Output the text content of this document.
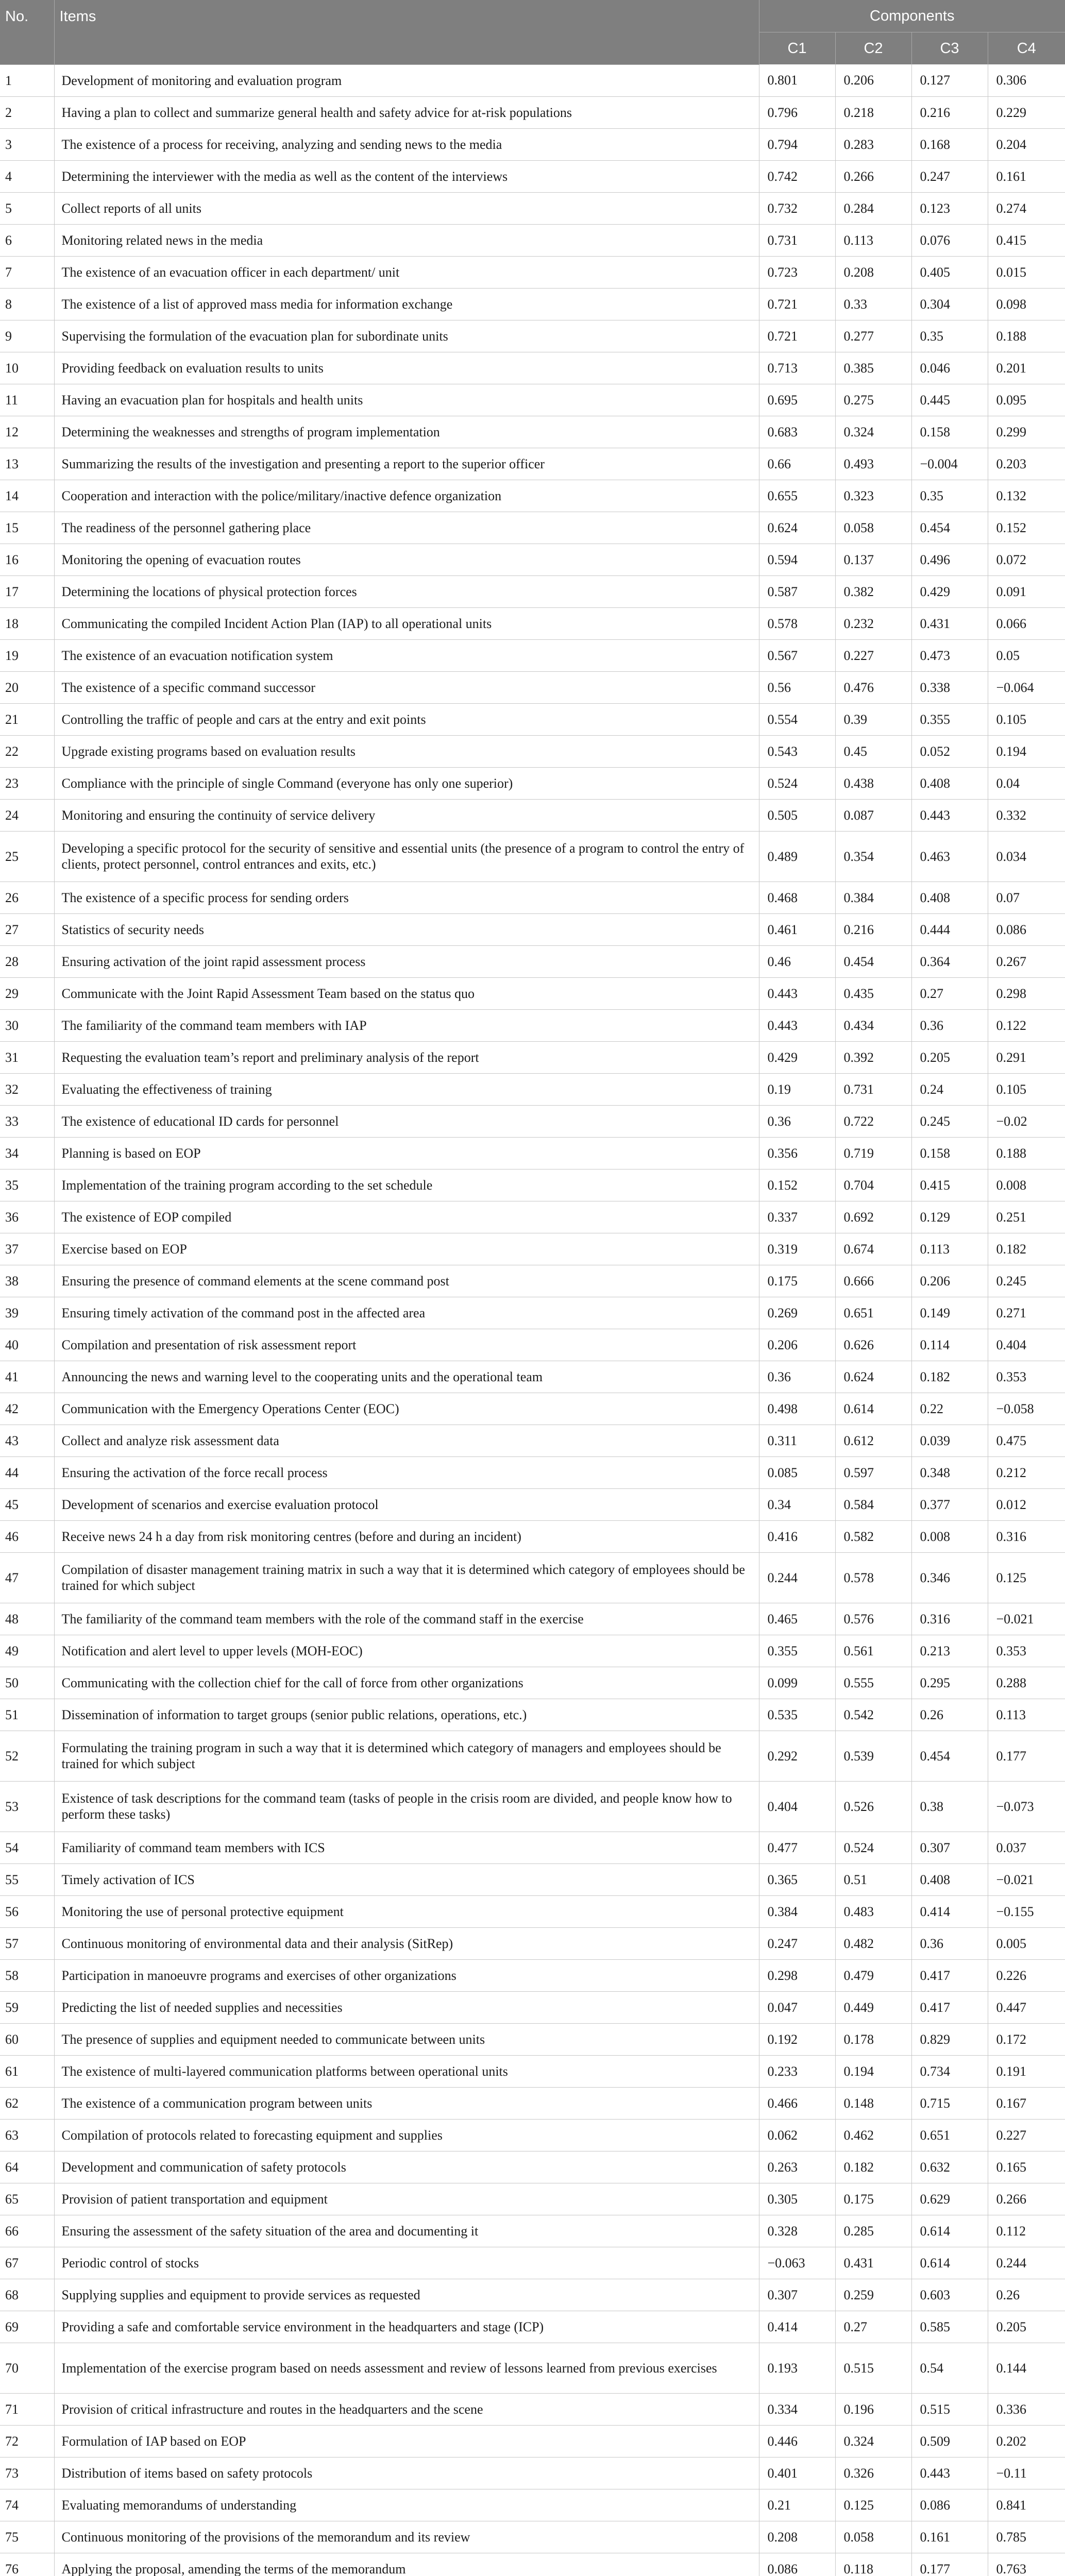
No.	Items	Components			
		C1	C2	C3	C4
1	Development of monitoring and evaluation program	0.801	0.206	0.127	0.306
2	Having a plan to collect and summarize general health and safety advice for at-risk populations	0.796	0.218	0.216	0.229
3	The existence of a process for receiving, analyzing and sending news to the media	0.794	0.283	0.168	0.204
4	Determining the interviewer with the media as well as the content of the interviews	0.742	0.266	0.247	0.161
5	Collect reports of all units	0.732	0.284	0.123	0.274
6	Monitoring related news in the media	0.731	0.113	0.076	0.415
7	The existence of an evacuation officer in each department/ unit	0.723	0.208	0.405	0.015
8	The existence of a list of approved mass media for information exchange	0.721	0.33	0.304	0.098
9	Supervising the formulation of the evacuation plan for subordinate units	0.721	0.277	0.35	0.188
10	Providing feedback on evaluation results to units	0.713	0.385	0.046	0.201
11	Having an evacuation plan for hospitals and health units	0.695	0.275	0.445	0.095
12	Determining the weaknesses and strengths of program implementation	0.683	0.324	0.158	0.299
13	Summarizing the results of the investigation and presenting a report to the superior officer	0.66	0.493	−0.004	0.203
14	Cooperation and interaction with the police/military/inactive defence organization	0.655	0.323	0.35	0.132
15	The readiness of the personnel gathering place	0.624	0.058	0.454	0.152
16	Monitoring the opening of evacuation routes	0.594	0.137	0.496	0.072
17	Determining the locations of physical protection forces	0.587	0.382	0.429	0.091
18	Communicating the compiled Incident Action Plan (IAP) to all operational units	0.578	0.232	0.431	0.066
19	The existence of an evacuation notification system	0.567	0.227	0.473	0.05
20	The existence of a specific command successor	0.56	0.476	0.338	−0.064
21	Controlling the traffic of people and cars at the entry and exit points	0.554	0.39	0.355	0.105
22	Upgrade existing programs based on evaluation results	0.543	0.45	0.052	0.194
23	Compliance with the principle of single Command (everyone has only one superior)	0.524	0.438	0.408	0.04
24	Monitoring and ensuring the continuity of service delivery	0.505	0.087	0.443	0.332
25	Developing a specific protocol for the security of sensitive and essential units (the presence of a program to control the entry of clients, protect personnel, control entrances and exits, etc.)	0.489	0.354	0.463	0.034
26	The existence of a specific process for sending orders	0.468	0.384	0.408	0.07
27	Statistics of security needs	0.461	0.216	0.444	0.086
28	Ensuring activation of the joint rapid assessment process	0.46	0.454	0.364	0.267
29	Communicate with the Joint Rapid Assessment Team based on the status quo	0.443	0.435	0.27	0.298
30	The familiarity of the command team members with IAP	0.443	0.434	0.36	0.122
31	Requesting the evaluation team’s report and preliminary analysis of the report	0.429	0.392	0.205	0.291
32	Evaluating the effectiveness of training	0.19	0.731	0.24	0.105
33	The existence of educational ID cards for personnel	0.36	0.722	0.245	−0.02
34	Planning is based on EOP	0.356	0.719	0.158	0.188
35	Implementation of the training program according to the set schedule	0.152	0.704	0.415	0.008
36	The existence of EOP compiled	0.337	0.692	0.129	0.251
37	Exercise based on EOP	0.319	0.674	0.113	0.182
38	Ensuring the presence of command elements at the scene command post	0.175	0.666	0.206	0.245
39	Ensuring timely activation of the command post in the affected area	0.269	0.651	0.149	0.271
40	Compilation and presentation of risk assessment report	0.206	0.626	0.114	0.404
41	Announcing the news and warning level to the cooperating units and the operational team	0.36	0.624	0.182	0.353
42	Communication with the Emergency Operations Center (EOC)	0.498	0.614	0.22	−0.058
43	Collect and analyze risk assessment data	0.311	0.612	0.039	0.475
44	Ensuring the activation of the force recall process	0.085	0.597	0.348	0.212
45	Development of scenarios and exercise evaluation protocol	0.34	0.584	0.377	0.012
46	Receive news 24 h a day from risk monitoring centres (before and during an incident)	0.416	0.582	0.008	0.316
47	Compilation of disaster management training matrix in such a way that it is determined which category of employees should be trained for which subject	0.244	0.578	0.346	0.125
48	The familiarity of the command team members with the role of the command staff in the exercise	0.465	0.576	0.316	−0.021
49	Notification and alert level to upper levels (MOH-EOC)	0.355	0.561	0.213	0.353
50	Communicating with the collection chief for the call of force from other organizations	0.099	0.555	0.295	0.288
51	Dissemination of information to target groups (senior public relations, operations, etc.)	0.535	0.542	0.26	0.113
52	Formulating the training program in such a way that it is determined which category of managers and employees should be trained for which subject	0.292	0.539	0.454	0.177
53	Existence of task descriptions for the command team (tasks of people in the crisis room are divided, and people know how to perform these tasks)	0.404	0.526	0.38	−0.073
54	Familiarity of command team members with ICS	0.477	0.524	0.307	0.037
55	Timely activation of ICS	0.365	0.51	0.408	−0.021
56	Monitoring the use of personal protective equipment	0.384	0.483	0.414	−0.155
57	Continuous monitoring of environmental data and their analysis (SitRep)	0.247	0.482	0.36	0.005
58	Participation in manoeuvre programs and exercises of other organizations	0.298	0.479	0.417	0.226
59	Predicting the list of needed supplies and necessities	0.047	0.449	0.417	0.447
60	The presence of supplies and equipment needed to communicate between units	0.192	0.178	0.829	0.172
61	The existence of multi-layered communication platforms between operational units	0.233	0.194	0.734	0.191
62	The existence of a communication program between units	0.466	0.148	0.715	0.167
63	Compilation of protocols related to forecasting equipment and supplies	0.062	0.462	0.651	0.227
64	Development and communication of safety protocols	0.263	0.182	0.632	0.165
65	Provision of patient transportation and equipment	0.305	0.175	0.629	0.266
66	Ensuring the assessment of the safety situation of the area and documenting it	0.328	0.285	0.614	0.112
67	Periodic control of stocks	−0.063	0.431	0.614	0.244
68	Supplying supplies and equipment to provide services as requested	0.307	0.259	0.603	0.26
69	Providing a safe and comfortable service environment in the headquarters and stage (ICP)	0.414	0.27	0.585	0.205
70	Implementation of the exercise program based on needs assessment and review of lessons learned from previous exercises	0.193	0.515	0.54	0.144
71	Provision of critical infrastructure and routes in the headquarters and the scene	0.334	0.196	0.515	0.336
72	Formulation of IAP based on EOP	0.446	0.324	0.509	0.202
73	Distribution of items based on safety protocols	0.401	0.326	0.443	−0.11
74	Evaluating memorandums of understanding	0.21	0.125	0.086	0.841
75	Continuous monitoring of the provisions of the memorandum and its review	0.208	0.058	0.161	0.785
76	Applying the proposal, amending the terms of the memorandum	0.086	0.118	0.177	0.763
